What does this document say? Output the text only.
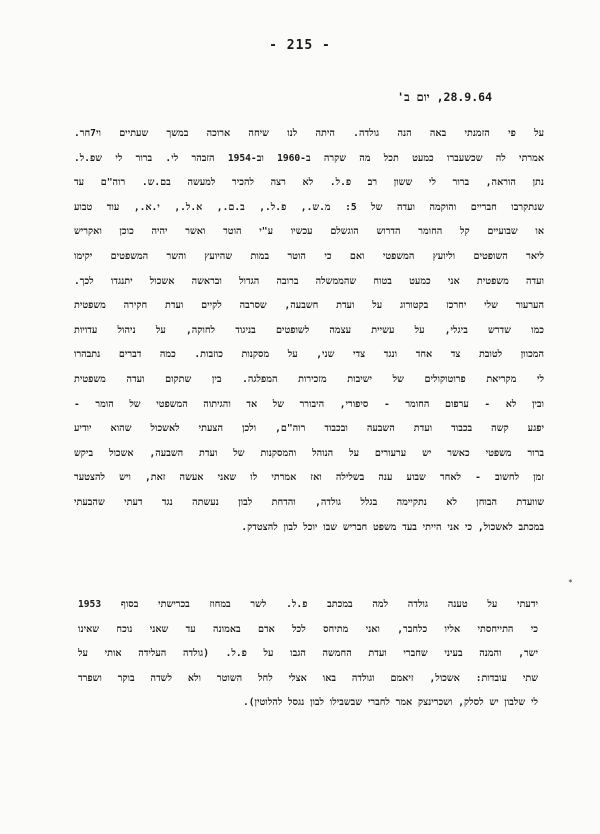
- 215 -
28.9.64, יום ב'

על פי הזמנתי באה הנה גולדה. היתה לנו שיחה ארוכה במשך שעתיים וי7חר.

אמרתי לה שכשעברו כמעט תכל מה שקרה ב-1960 וב-1954 הזבהר לי. ברור לי שפ.ל.

נתן הוראה, ברור לי ששון רב פ.ל. לא רצה להכיר למעשה בם.ש. רוה"ם עד

שנתקרבו חבריים והוקמה ועדה של 5: מ.ש., פ.ל., ב.ם., א.ל., י.א., עוד טבוע

או שבועיים קל החומר הדרוש הוגשלם עכשיו ע"י הוטר ואשר יהיה כוכן ואקריש

ליאר השופטים וליועץ המשפטי ואם כי הוטר במות שהיועץ והשר המשפטים יקימו

ועדה משפטית אני כמעט בטוח שהממשלה ברובה הגדול ובראשה אשכול יתנגדו לכך.

הערעור שלי יחרכז בקטורוג על ועדת חשבעה, שסרבה לקיים ועדת חקירה משפטית

כמו שדרש ביגלי, על עשיית עצמה לשופטים בניגוד לחוקה, על ניהול עדויות

המכוון לטובת צד אחד ונגד צדי שני, על מסקנות כוזבות. כמה דברים נתבהרו

לי מקריאת פרוטוקולים של ישיבות מזכירות המפלגה. בין שתקום ועדה משפטית

ובין לא - ערפום החומר - סיפורי, היבורר של אד והגיתוה המשפטי של הומר -

יפגע קשה בכבוד ועדת השבעה ובכבוד רוה"ם, ולכן הצעתי לאשכול שהוא יודיע

ברור משפטי כאשר יש ערעורים על הנוהל והמסקנות של ועדת השבעה, אשכול ביקש

זמן לחשוב - לאחר שבוע ענה בשלילה ואז אמרתי לו שאני אעשה זאת, ויש להצטער

שוועדת הבוחן לא נתקיימה בגלל גולדה, והדחת לבון נעשתה נגד דעתי שהבעתי

במכתב לאשכול, כי אני הייתי בעד משפט חבריש שבו יוכל לבון להצטדק.

ידעתי על טענה גולדה למה במכתב פ.ל. לשר במחוז בכרישתי בסוף 1953

כי התייחסתי אליו כלחבר, ואני מתיחס לכל אדם באמונה עד שאני נוכח שאינו

ישר, והמנה בעיני שחברי ועדת החמשה הגבו על פ.ל. (גולדה העלידה אותי על

שתי עובדות: אשכול, זיאמם וגולדה באו אצלי לחל השוטר ולא לשדה בוקר ושפרד

לי שלבון יש לסלק, ושכרינצק אמר לחברי שבשבילו לבון נגסל להלוטין).

*
